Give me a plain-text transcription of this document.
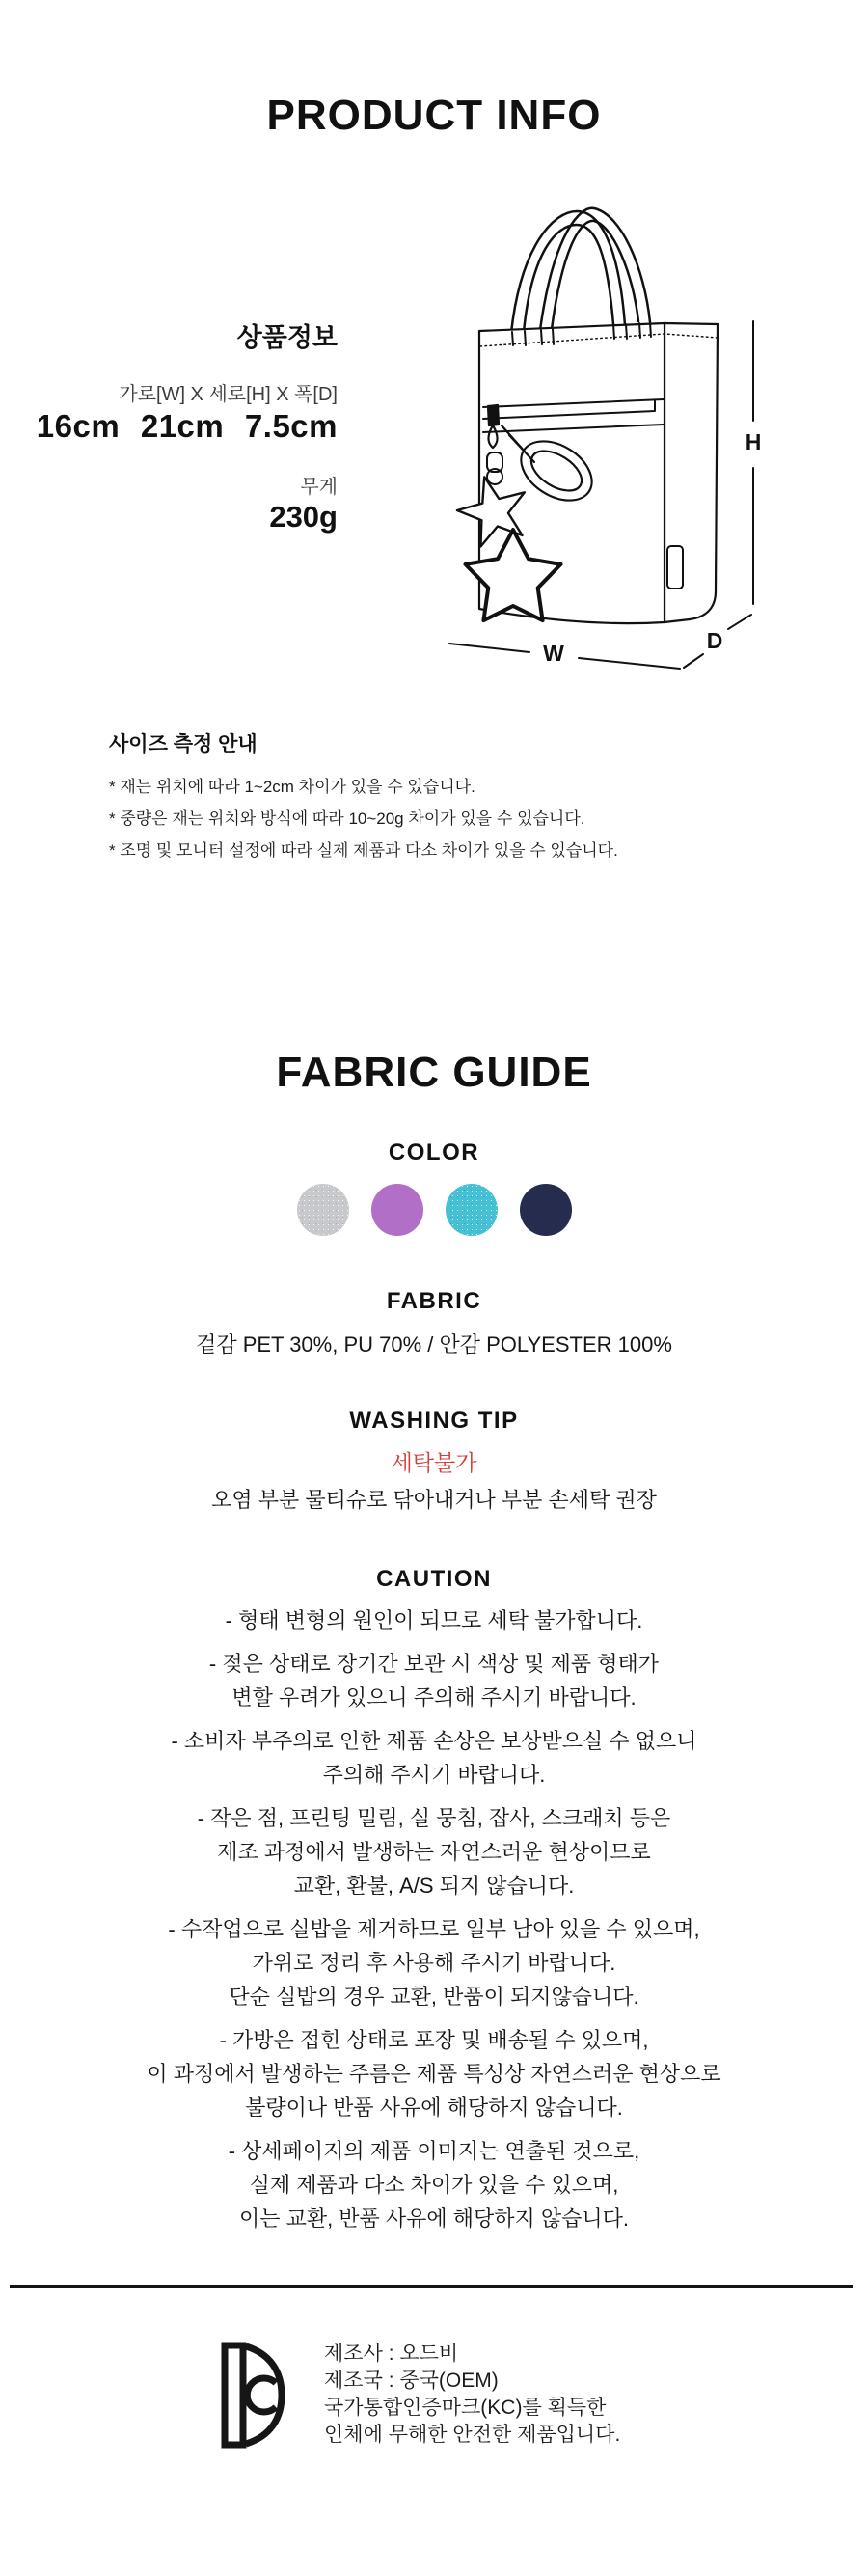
PRODUCT INFO
상품정보
가로[W] X 세로[H] X 폭[D]
16cm 21cm 7.5cm
무게
230g
H
W	D
사이즈 측정 안내
* 재는 위치에 따라 1~2cm 차이가 있을 수 있습니다.
* 중량은 재는 위치와 방식에 따라 10~20g 차이가 있을 수 있습니다.
* 조명 및 모니터 설정에 따라 실제 제품과 다소 차이가 있을 수 있습니다.
FABRIC GUIDE
COLOR
FABRIC
겉감 PET 30%, PU 70% / 안감 POLYESTER 100%
WASHING TIP
세탁불가
오염 부분 물티슈로 닦아내거나 부분 손세탁 권장
CAUTION

- 형태 변형의 원인이 되므로 세탁 불가합니다.

- 젖은 상태로 장기간 보관 시 색상 및 제품 형태가
변할 우려가 있으니 주의해 주시기 바랍니다.

- 소비자 부주의로 인한 제품 손상은 보상받으실 수 없으니
주의해 주시기 바랍니다.

- 작은 점, 프린팅 밀림, 실 뭉침, 잡사, 스크래치 등은
제조 과정에서 발생하는 자연스러운 현상이므로
교환, 환불, A/S 되지 않습니다.

- 수작업으로 실밥을 제거하므로 일부 남아 있을 수 있으며,
가위로 정리 후 사용해 주시기 바랍니다.
단순 실밥의 경우 교환, 반품이 되지않습니다.

- 가방은 접힌 상태로 포장 및 배송될 수 있으며,
이 과정에서 발생하는 주름은 제품 특성상 자연스러운 현상으로
불량이나 반품 사유에 해당하지 않습니다.

- 상세페이지의 제품 이미지는 연출된 것으로,
실제 제품과 다소 차이가 있을 수 있으며,
이는 교환, 반품 사유에 해당하지 않습니다.

제조사 : 오드비
제조국 : 중국(OEM)
국가통합인증마크(KC)를 획득한
인체에 무해한 안전한 제품입니다.
